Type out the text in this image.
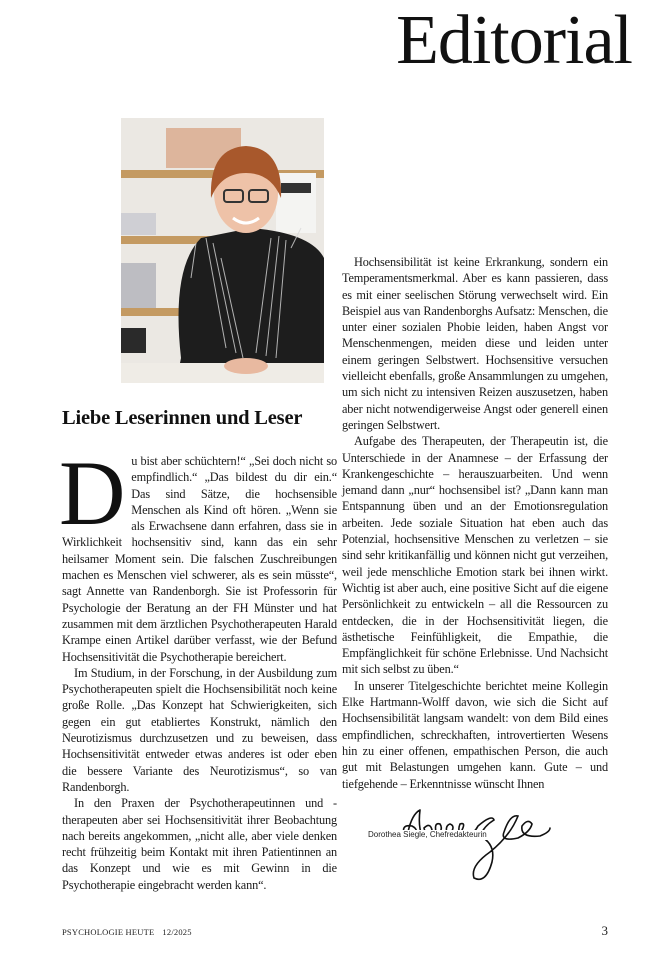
Editorial
Liebe Leserinnen und Leser

Du bist aber schüchtern!“ „Sei doch nicht so empfindlich.“ „Das bildest du dir ein.“ Das sind Sätze, die hochsensible Menschen als Kind oft hören. „Wenn sie als Erwachsene dann erfahren, dass sie in Wirklichkeit hochsensitiv sind, kann das ein sehr heilsamer Moment sein. Die falschen Zuschreibungen machen es Menschen viel schwerer, als es sein müsste“, sagt Annette van Randenborgh. Sie ist Professorin für Psychologie der Beratung an der FH Münster und hat zusammen mit dem ärztlichen Psychotherapeuten Harald Krampe einen Artikel darüber verfasst, wie der Befund Hochsensitivität die Psychotherapie bereichert.

Im Studium, in der Forschung, in der Ausbildung zum Psychotherapeuten spielt die Hochsensibilität noch keine große Rolle. „Das Konzept hat Schwierigkeiten, sich gegen ein gut etabliertes Konstrukt, nämlich den Neurotizismus durchzusetzen und zu beweisen, dass Hochsensitivität entweder etwas anderes ist oder eben die bessere Variante des Neurotizismus“, so van Randenborgh.

In den Praxen der Psychotherapeutinnen und -therapeuten aber sei Hochsensitivität ihrer Beobachtung nach bereits angekommen, „nicht alle, aber viele denken recht frühzeitig beim Kontakt mit ihren Patientinnen an das Konzept und wie es mit Gewinn in die Psychotherapie eingebracht werden kann“.

Hochsensibilität ist keine Erkrankung, sondern ein Temperamentsmerkmal. Aber es kann passieren, dass es mit einer seelischen Störung verwechselt wird. Ein Beispiel aus van Randenborghs Aufsatz: Menschen, die unter einer sozialen Phobie leiden, haben Angst vor Menschenmengen, meiden diese und leiden unter einem geringen Selbstwert. Hochsensitive versuchen vielleicht ebenfalls, große Ansammlungen zu umgehen, um sich nicht zu intensiven Reizen auszusetzen, haben aber nicht notwendigerweise Angst oder generell einen geringen Selbstwert.

Aufgabe des Therapeuten, der Therapeutin ist, die Unterschiede in der Anamnese – der Erfassung der Krankengeschichte – herauszuarbeiten. Und wenn jemand dann „nur“ hochsensibel ist? „Dann kann man Entspannung üben und an der Emotionsregulation arbeiten. Jede soziale Situation hat eben auch das Potenzial, hochsensitive Menschen zu verletzen – sie sind sehr kritikanfällig und können nicht gut verzeihen, weil jede menschliche Emotion stark bei ihnen wirkt. Wichtig ist aber auch, eine positive Sicht auf die eigene Persönlichkeit zu entwickeln – all die Ressourcen zu entdecken, die in der Hochsensitivität liegen, die ästhetische Feinfühligkeit, die Empathie, die Empfänglichkeit für schöne Erlebnisse. Und Nachsicht mit sich selbst zu üben.“

In unserer Titelgeschichte berichtet meine Kollegin Elke Hartmann-Wolff davon, wie sich die Sicht auf Hochsensibilität langsam wandelt: von dem Bild eines empfindlichen, schreckhaften, introvertierten Wesens hin zu einer offenen, empathischen Person, die auch gut mit Belastungen umgehen kann. Gute – und tiefgehende – Erkenntnisse wünscht Ihnen

Dorothea Siegle, Chefredakteurin
PSYCHOLOGIE HEUTE 12/2025	3
